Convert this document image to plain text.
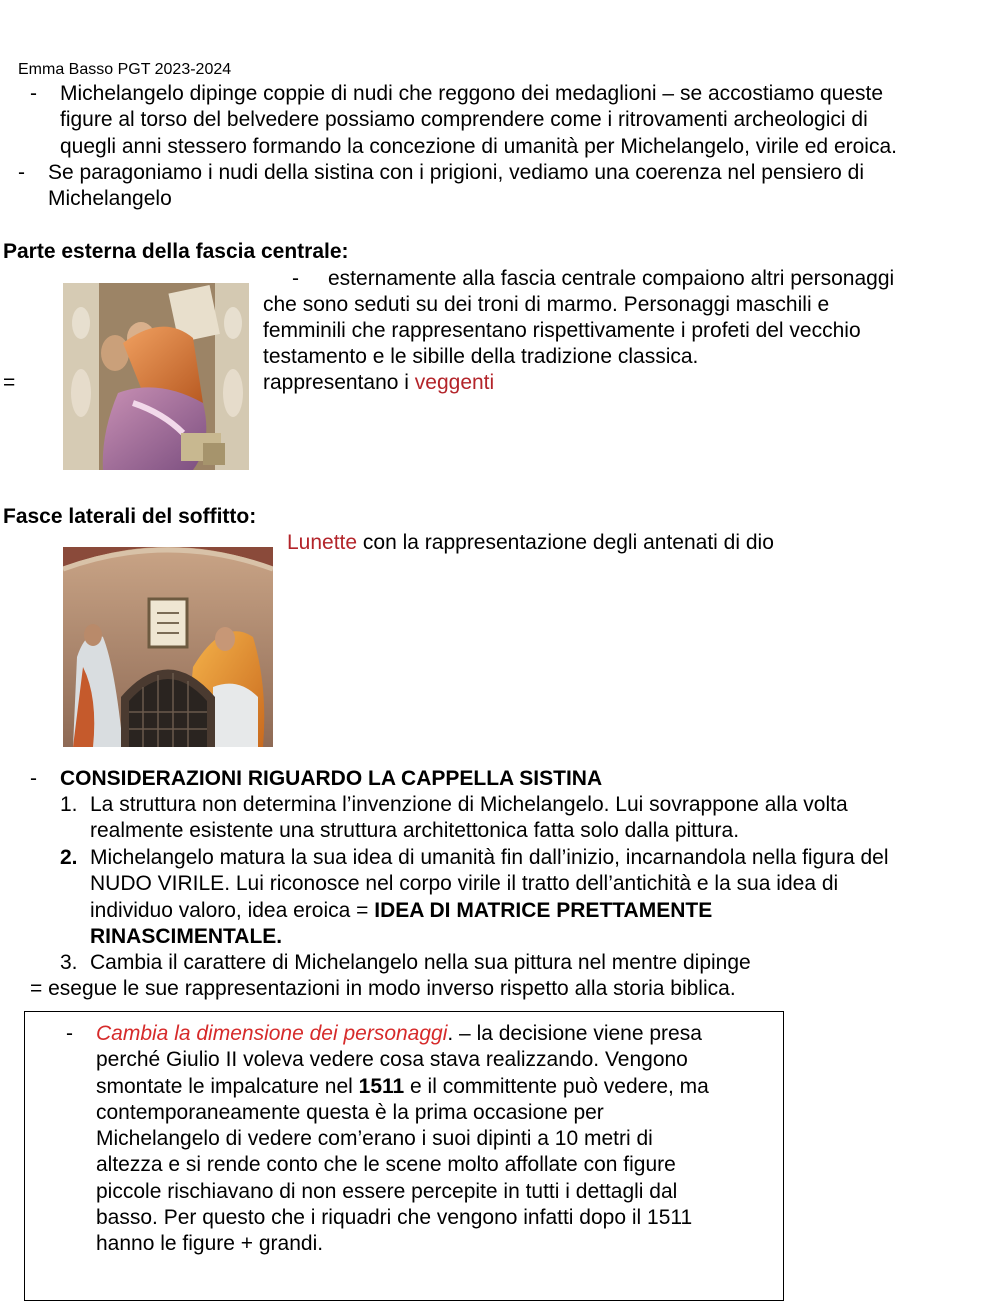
Emma Basso PGT 2023-2024
- Michelangelo dipinge coppie di nudi che reggono dei medaglioni – se accostiamo queste
figure al torso del belvedere possiamo comprendere come i ritrovamenti archeologici di
quegli anni stessero formando la concezione di umanità per Michelangelo, virile ed eroica.
- Se paragoniamo i nudi della sistina con i prigioni, vediamo una coerenza nel pensiero di
Michelangelo
Parte esterna della fascia centrale:
- esternamente alla fascia centrale compaiono altri personaggi
che sono seduti su dei troni di marmo. Personaggi maschili e
femminili che rappresentano rispettivamente i profeti del vecchio
testamento e le sibille della tradizione classica.
=	rappresentano i veggenti
Fasce laterali del soffitto:
Lunette con la rappresentazione degli antenati di dio
- CONSIDERAZIONI RIGUARDO LA CAPPELLA SISTINA
1. La struttura non determina l’invenzione di Michelangelo. Lui sovrappone alla volta
realmente esistente una struttura architettonica fatta solo dalla pittura.
2. Michelangelo matura la sua idea di umanità fin dall’inizio, incarnandola nella figura del
NUDO VIRILE. Lui riconosce nel corpo virile il tratto dell’antichità e la sua idea di
individuo valoro, idea eroica = IDEA DI MATRICE PRETTAMENTE
RINASCIMENTALE.
3. Cambia il carattere di Michelangelo nella sua pittura nel mentre dipinge
= esegue le sue rappresentazioni in modo inverso rispetto alla storia biblica.
- Cambia la dimensione dei personaggi. – la decisione viene presa
perché Giulio II voleva vedere cosa stava realizzando. Vengono
smontate le impalcature nel 1511 e il committente può vedere, ma
contemporaneamente questa è la prima occasione per
Michelangelo di vedere com’erano i suoi dipinti a 10 metri di
altezza e si rende conto che le scene molto affollate con figure
piccole rischiavano di non essere percepite in tutti i dettagli dal
basso. Per questo che i riquadri che vengono infatti dopo il 1511
hanno le figure + grandi.
